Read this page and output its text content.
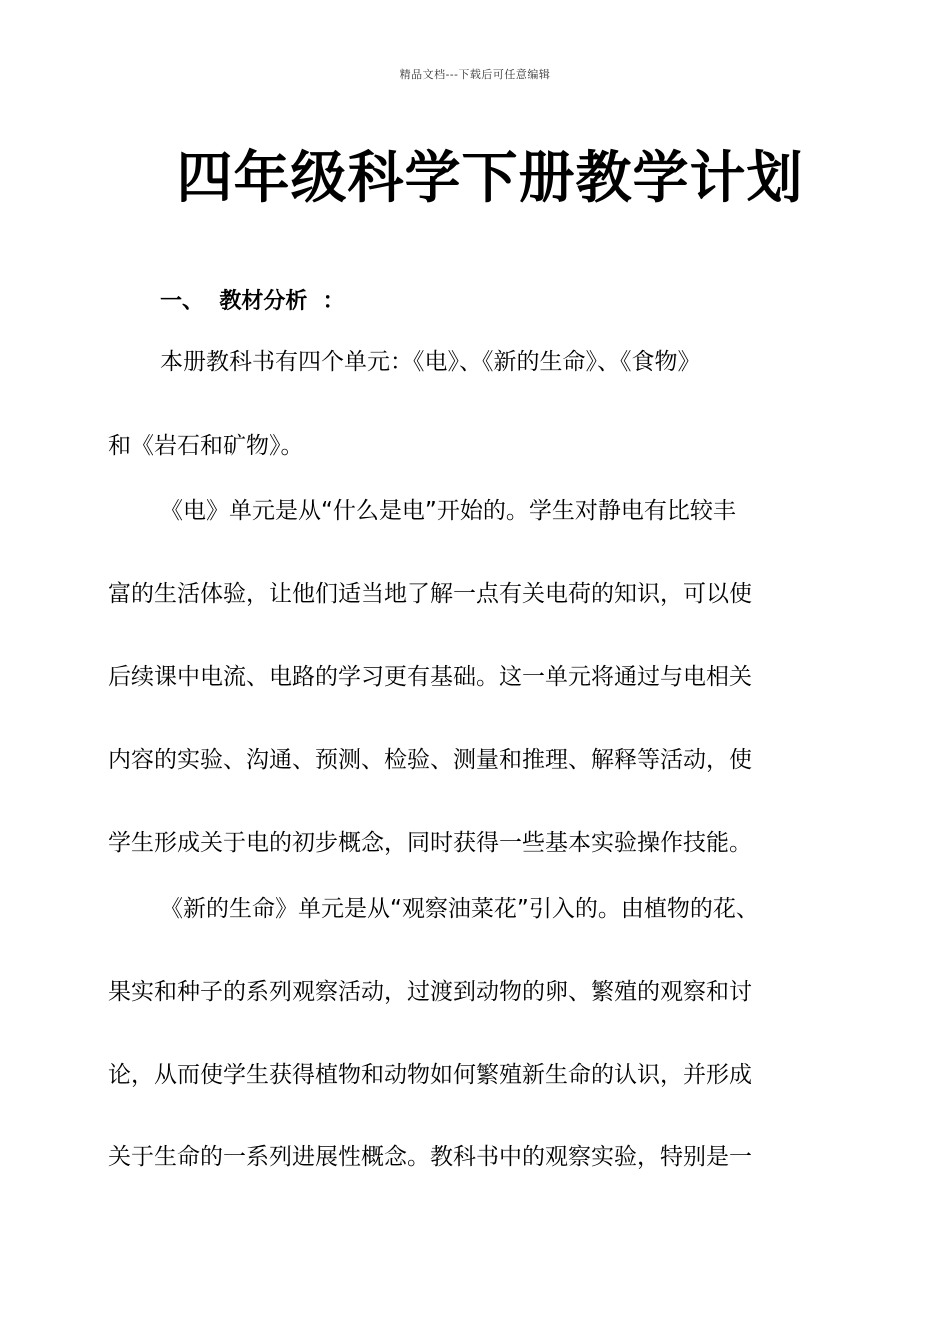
精品文档---下载后可任意编辑
四年级科学下册教学计划
一、  教材分析  ：

本册教科书有四个单元：《电》、《新的生命》、《食物》

和《岩石和矿物》。

《电》单元是从“什么是电”开始的。学生对静电有比较丰

富的生活体验，让他们适当地了解一点有关电荷的知识，可以使

后续课中电流、电路的学习更有基础。这一单元将通过与电相关

内容的实验、沟通、预测、检验、测量和推理、解释等活动，使

学生形成关于电的初步概念，同时获得一些基本实验操作技能。

《新的生命》单元是从“观察油菜花”引入的。由植物的花、

果实和种子的系列观察活动，过渡到动物的卵、繁殖的观察和讨

论，从而使学生获得植物和动物如何繁殖新生命的认识，并形成

关于生命的一系列进展性概念。教科书中的观察实验，特别是一
